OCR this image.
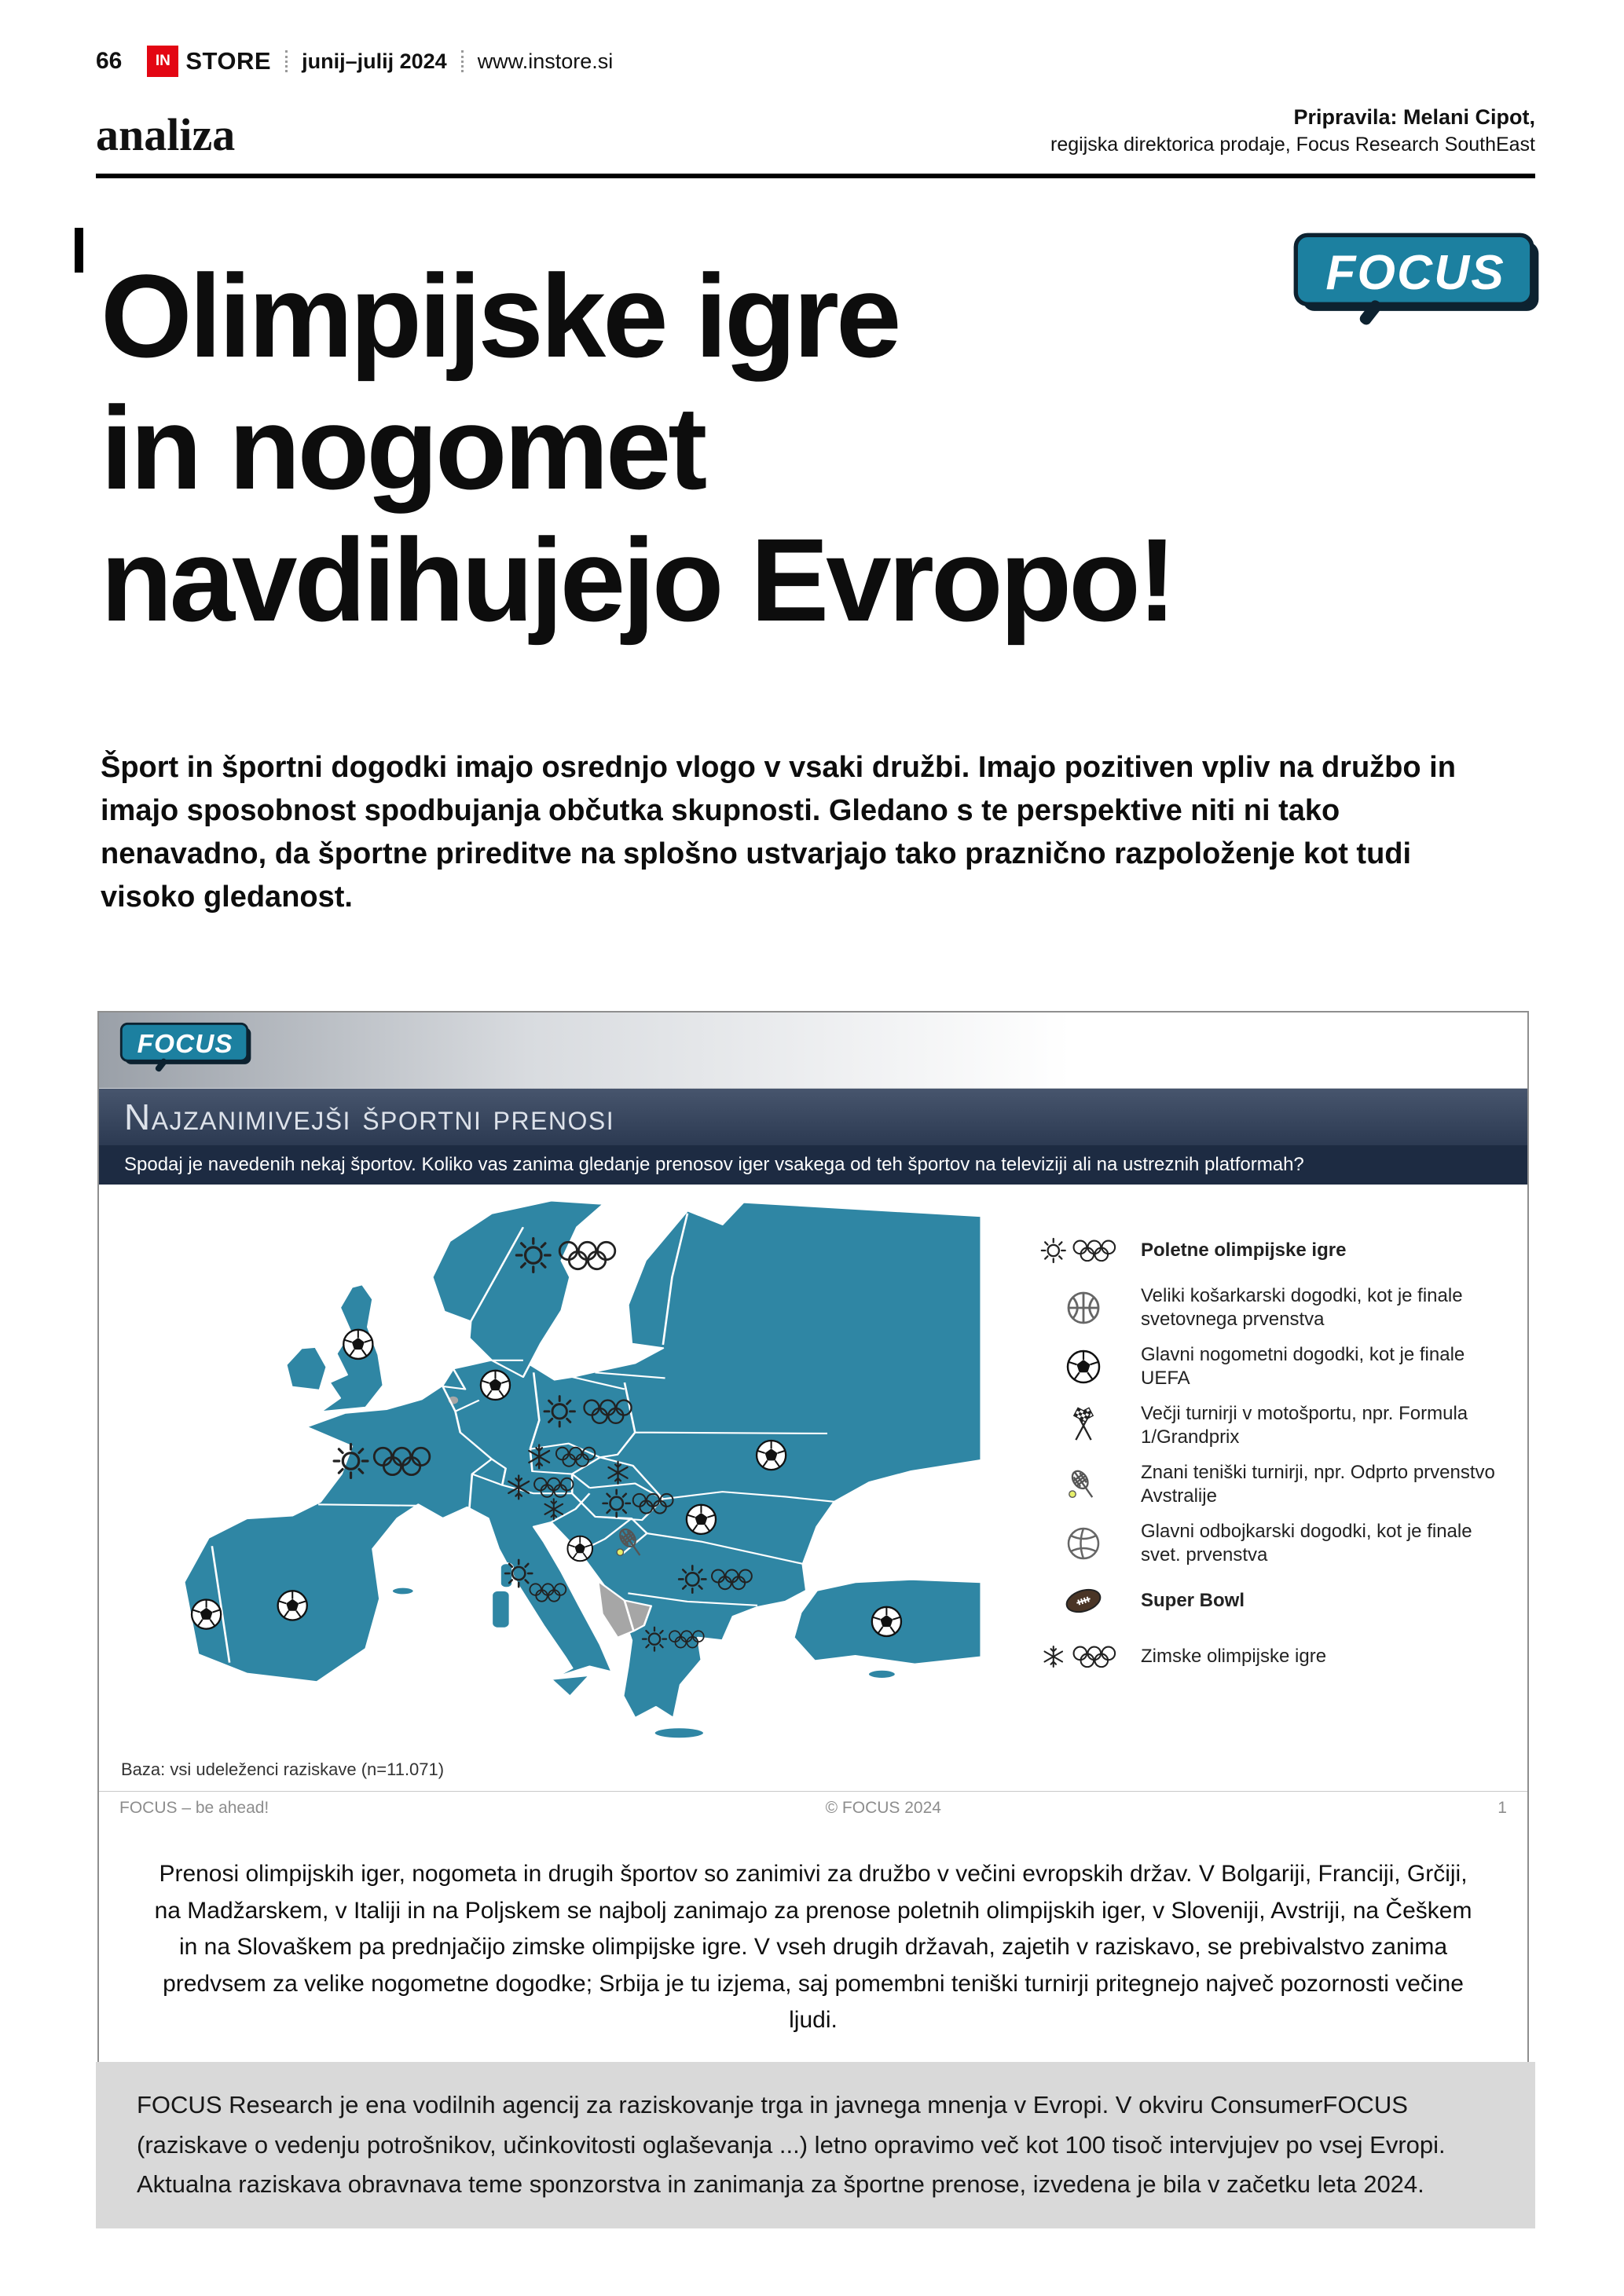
66	IN STORE junij–julij 2024 www.instore.si
analiza	Pripravila: Melani Cipot,
regijska direktorica prodaje, Focus Research SouthEast
Olimpijske igre
in nogomet
navdihujejo Evropo!
FOCUS

Šport in športni dogodki imajo osrednjo vlogo v vsaki družbi. Imajo pozitiven vpliv na družbo in imajo sposobnost spodbujanja občutka skupnosti. Gledano s te perspektive niti ni tako nenavadno, da športne prireditve na splošno ustvarjajo tako praznično razpoloženje kot tudi visoko gledanost.

FOCUS
Najzanimivejši športni prenosi
Spodaj je navedenih nekaj športov. Koliko vas zanima gledanje prenosov iger vsakega od teh športov na televiziji ali na ustreznih platformah?
Baza: vsi udeleženci raziskave (n=11.071)
Poletne olimpijske igre
Veliki košarkarski dogodki, kot je finale svetovnega prvenstva
Glavni nogometni dogodki, kot je finale UEFA
Večji turnirji v motošportu, npr. Formula 1/Grandprix
Znani teniški turnirji, npr. Odprto prvenstvo Avstralije
Glavni odbojkarski dogodki, kot je finale svet. prvenstva
Super Bowl
Zimske olimpijske igre
FOCUS – be ahead!	© FOCUS 2024	1

Prenosi olimpijskih iger, nogometa in drugih športov so zanimivi za družbo v večini evropskih držav. V Bolgariji, Franciji, Grčiji, na Madžarskem, v Italiji in na Poljskem se najbolj zanimajo za prenose poletnih olimpijskih iger, v Sloveniji, Avstriji, na Češkem in na Slovaškem pa prednjačijo zimske olimpijske igre. V vseh drugih državah, zajetih v raziskavo, se prebivalstvo zanima predvsem za velike nogometne dogodke; Srbija je tu izjema, saj pomembni teniški turnirji pritegnejo največ pozornosti večine ljudi.

FOCUS Research je ena vodilnih agencij za raziskovanje trga in javnega mnenja v Evropi. V okviru ConsumerFOCUS (raziskave o vedenju potrošnikov, učinkovitosti oglaševanja ...) letno opravimo več kot 100 tisoč intervjujev po vsej Evropi. Aktualna raziskava obravnava teme sponzorstva in zanimanja za športne prenose, izvedena je bila v začetku leta 2024.
